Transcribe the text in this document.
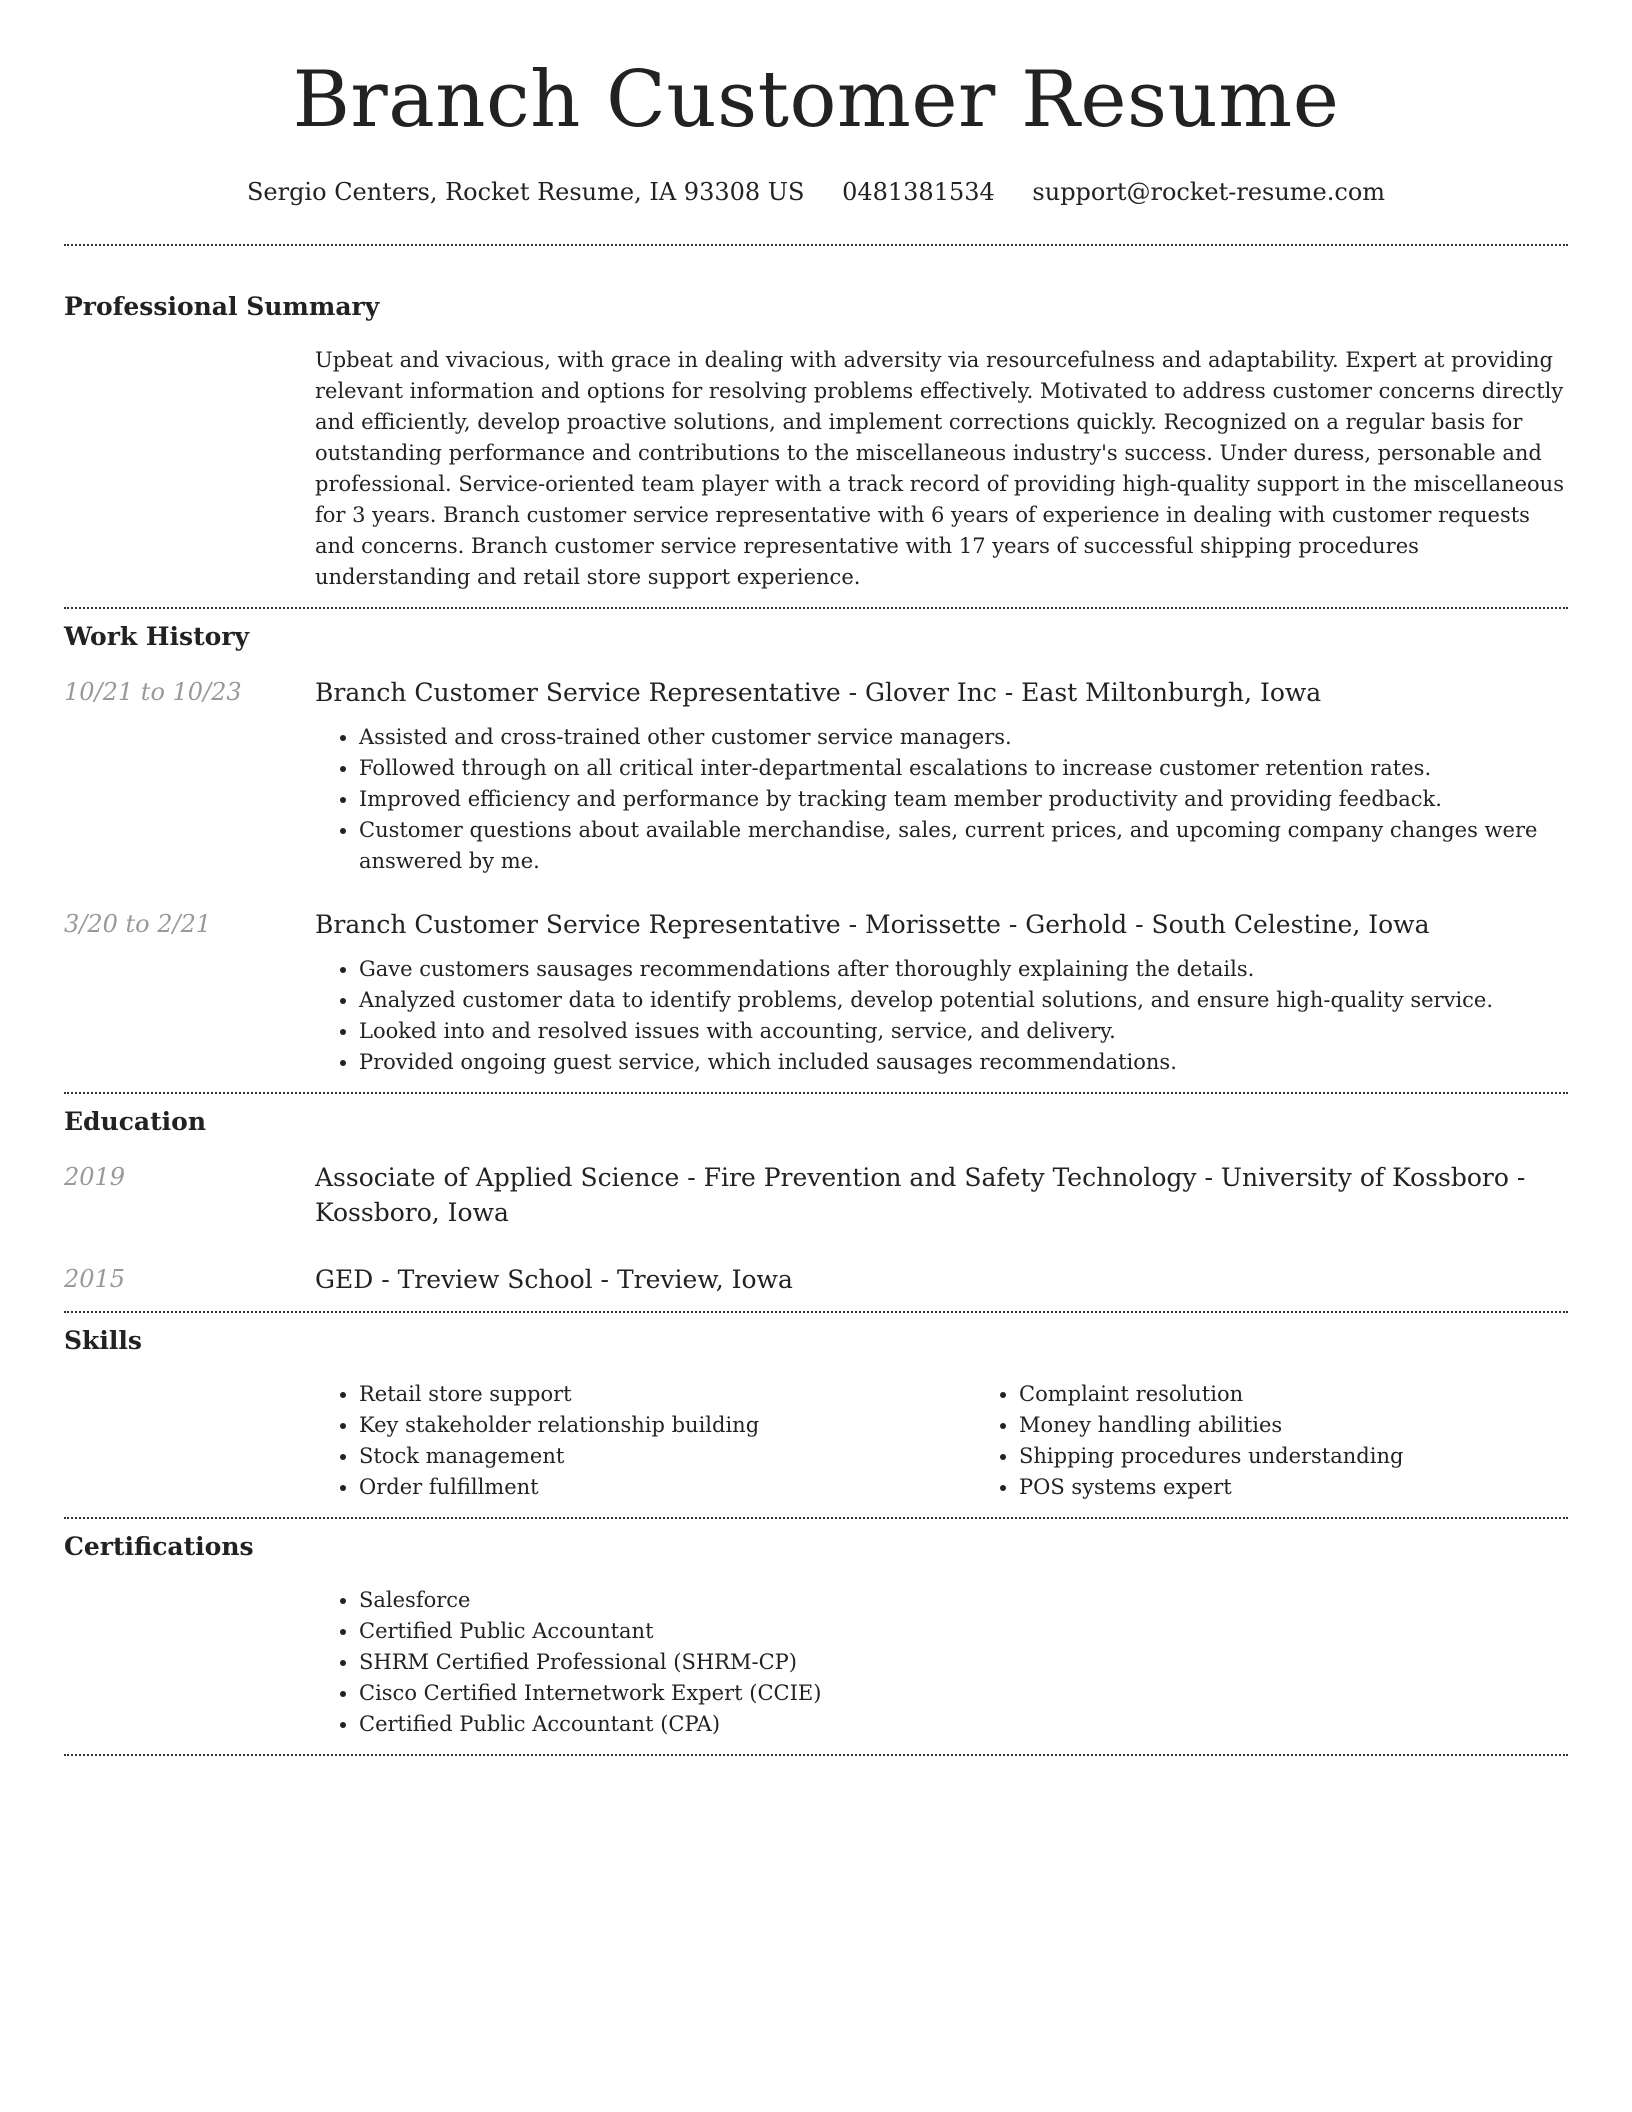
Branch Customer Resume
Sergio Centers, Rocket Resume, IA 93308 US 0481381534 support@rocket-resume.com
Professional Summary

Upbeat and vivacious, with grace in dealing with adversity via resourcefulness and adaptability. Expert at providing relevant information and options for resolving problems effectively. Motivated to address customer concerns directly and efficiently, develop proactive solutions, and implement corrections quickly. Recognized on a regular basis for outstanding performance and contributions to the miscellaneous industry's success. Under duress, personable and professional. Service-oriented team player with a track record of providing high-quality support in the miscellaneous for 3 years. Branch customer service representative with 6 years of experience in dealing with customer requests and concerns. Branch customer service representative with 17 years of successful shipping procedures understanding and retail store support experience.

Work History
10/21 to 10/23	Branch Customer Service Representative - Glover Inc - East Miltonburgh, Iowa
• Assisted and cross-trained other customer service managers.
• Followed through on all critical inter-departmental escalations to increase customer retention rates.
• Improved efficiency and performance by tracking team member productivity and providing feedback.
• Customer questions about available merchandise, sales, current prices, and upcoming company changes were answered by me.
3/20 to 2/21	Branch Customer Service Representative - Morissette - Gerhold - South Celestine, Iowa
• Gave customers sausages recommendations after thoroughly explaining the details.
• Analyzed customer data to identify problems, develop potential solutions, and ensure high-quality service.
• Looked into and resolved issues with accounting, service, and delivery.
• Provided ongoing guest service, which included sausages recommendations.
Education
2019	Associate of Applied Science - Fire Prevention and Safety Technology - University of Kossboro - Kossboro, Iowa
2015	GED - Treview School - Treview, Iowa
Skills
• Retail store support
• Key stakeholder relationship building
• Stock management
• Order fulfillment
• Complaint resolution
• Money handling abilities
• Shipping procedures understanding
• POS systems expert
Certifications
• Salesforce
• Certified Public Accountant
• SHRM Certified Professional (SHRM-CP)
• Cisco Certified Internetwork Expert (CCIE)
• Certified Public Accountant (CPA)
